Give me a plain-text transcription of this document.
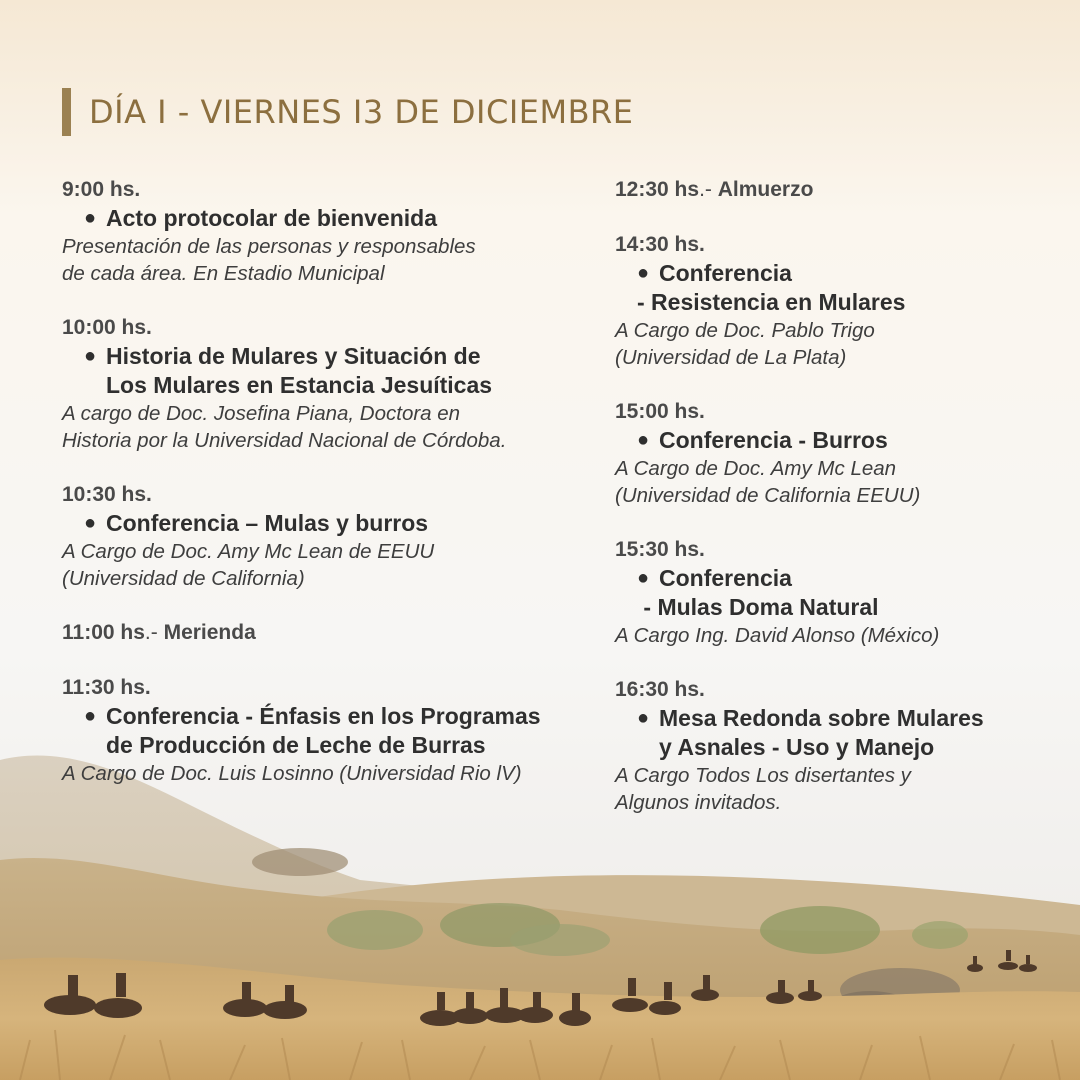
DÍA I - VIERNES I3 DE DICIEMBRE
9:00 hs.
● Acto protocolar de bienvenida
Presentación de las personas y responsables
de cada área. En Estadio Municipal
10:00 hs.
● Historia de Mulares y Situación de
Los Mulares en Estancia Jesuíticas
A cargo de Doc. Josefina Piana, Doctora en
Historia por la Universidad Nacional de Córdoba.
10:30 hs.
● Conferencia – Mulas y burros
A Cargo de Doc. Amy Mc Lean de EEUU
(Universidad de California)
11:00 hs.- Merienda
11:30 hs.
● Conferencia - Énfasis en los Programas
de Producción de Leche de Burras
A Cargo de Doc. Luis Losinno (Universidad Rio lV)
12:30 hs.- Almuerzo
14:30 hs.
● Conferencia
- Resistencia en Mulares
A Cargo de Doc. Pablo Trigo
(Universidad de La Plata)
15:00 hs.
● Conferencia - Burros
A Cargo de Doc. Amy Mc Lean
(Universidad de California EEUU)
15:30 hs.
● Conferencia
- Mulas Doma Natural
A Cargo Ing. David Alonso (México)
16:30 hs.
● Mesa Redonda sobre Mulares
y Asnales - Uso y Manejo
A Cargo Todos Los disertantes y
Algunos invitados.
